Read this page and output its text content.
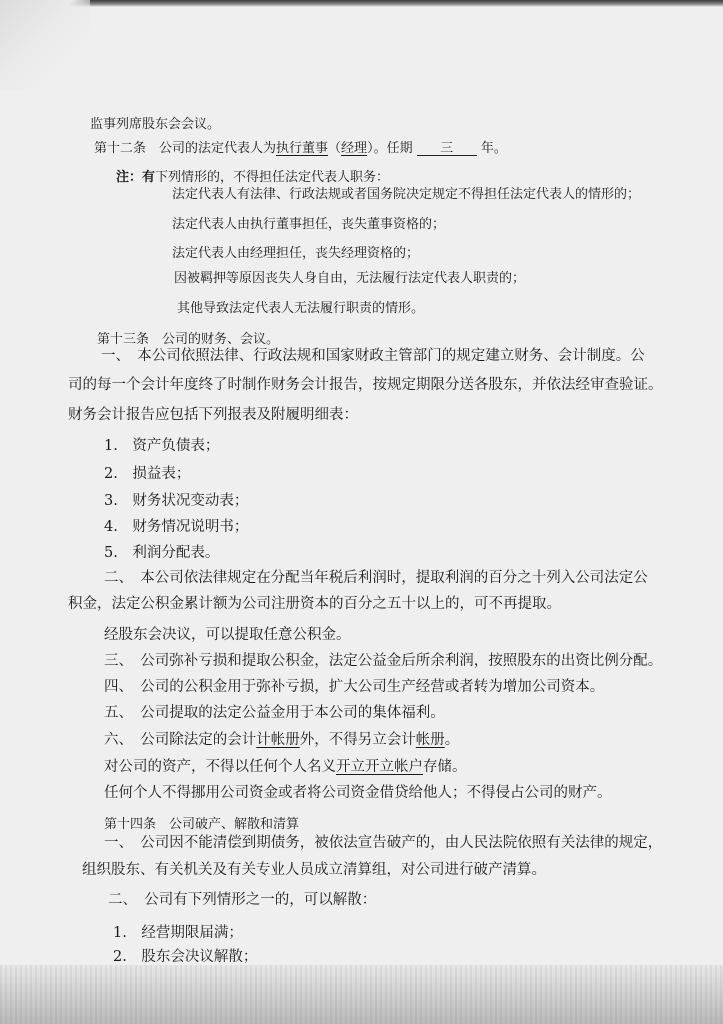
监事列席股东会会议。
第十二条　公司的法定代表人为执行董事（经理）。任期 三 年。
注：有下列情形的，不得担任法定代表人职务：
法定代表人有法律、行政法规或者国务院决定规定不得担任法定代表人的情形的；
法定代表人由执行董事担任，丧失董事资格的；
法定代表人由经理担任，丧失经理资格的；
因被羁押等原因丧失人身自由，无法履行法定代表人职责的；
其他导致法定代表人无法履行职责的情形。
第十三条　公司的财务、会议。
一、　本公司依照法律、行政法规和国家财政主管部门的规定建立财务、会计制度。公
司的每一个会计年度终了时制作财务会计报告，按规定期限分送各股东，并依法经审查验证。
财务会计报告应包括下列报表及附履明细表：
1.　资产负债表；
2.　损益表；
3.　财务状况变动表；
4.　财务情况说明书；
5.　利润分配表。
二、　本公司依法律规定在分配当年税后利润时，提取利润的百分之十列入公司法定公
积金，法定公积金累计额为公司注册资本的百分之五十以上的，可不再提取。
经股东会决议，可以提取任意公积金。
三、　公司弥补亏损和提取公积金，法定公益金后所余利润，按照股东的出资比例分配。
四、　公司的公积金用于弥补亏损，扩大公司生产经营或者转为增加公司资本。
五、　公司提取的法定公益金用于本公司的集体福利。
六、　公司除法定的会计计帐册外，不得另立会计帐册。
对公司的资产，不得以任何个人名义开立开立帐户存储。
任何个人不得挪用公司资金或者将公司资金借贷给他人；不得侵占公司的财产。
第十四条　公司破产、解散和清算
一、　公司因不能清偿到期债务，被依法宣告破产的，由人民法院依照有关法律的规定，
组织股东、有关机关及有关专业人员成立清算组，对公司进行破产清算。
二、　公司有下列情形之一的，可以解散：
1.　经营期限届满；
2.　股东会决议解散；
